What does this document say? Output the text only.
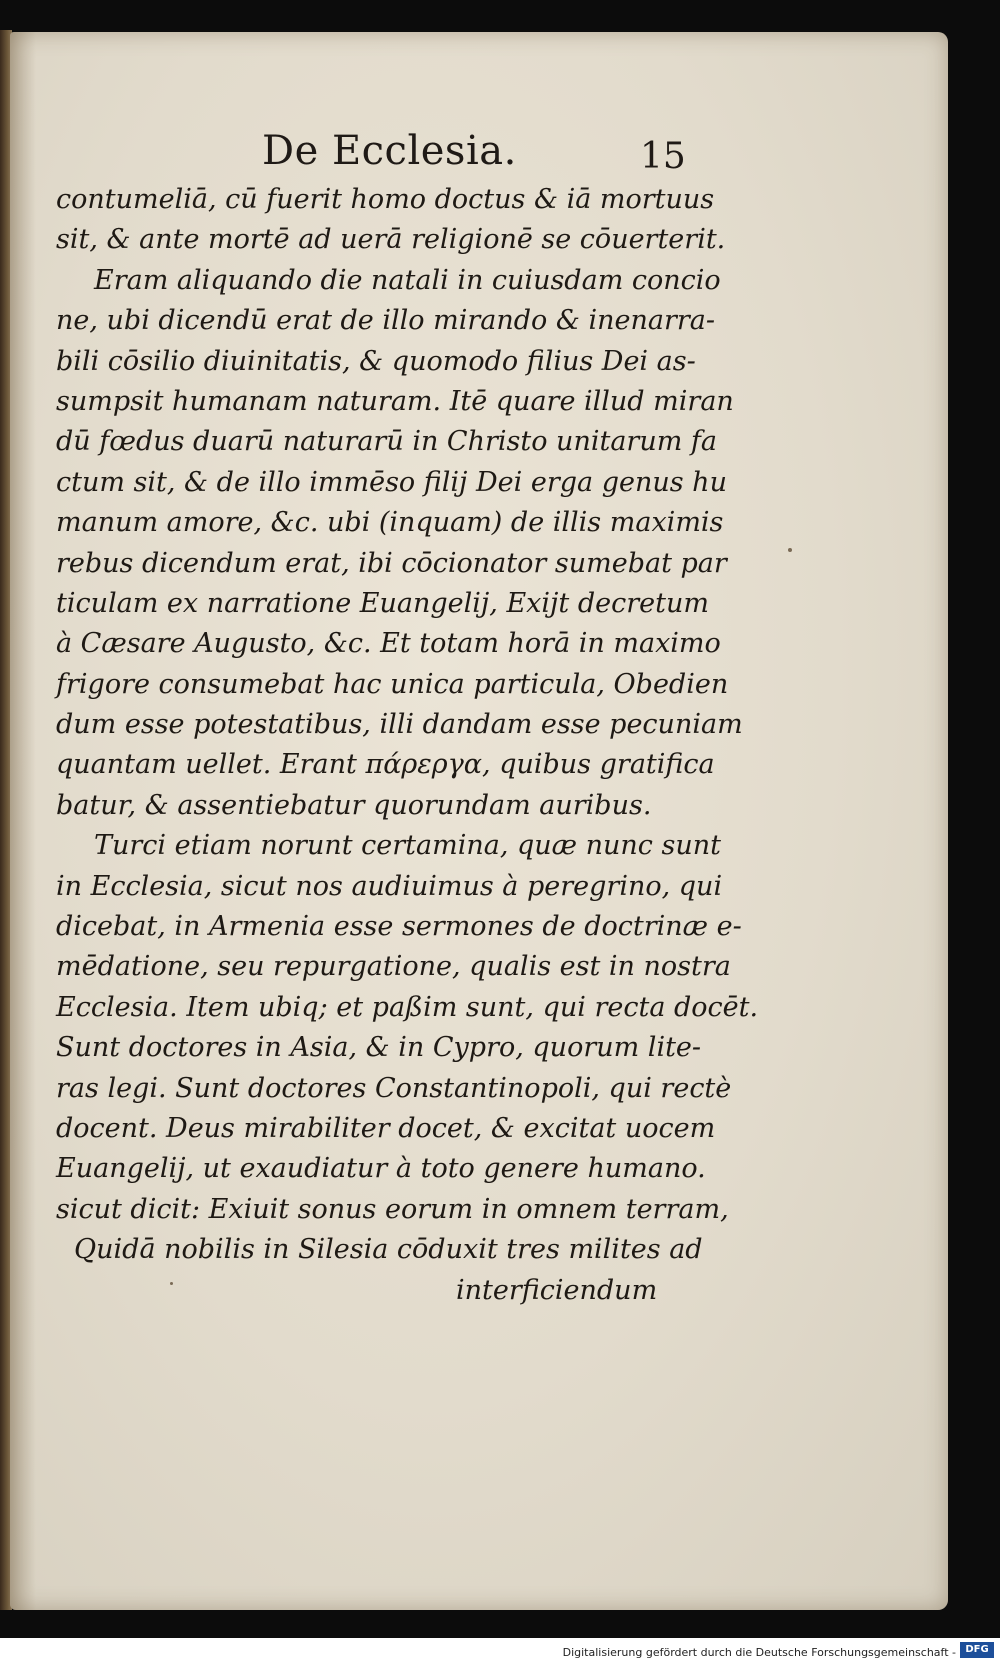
De Ecclesia.	15
contumeliā, cū fuerit homo doctus & iā mortuus
sit, & ante mortē ad uerā religionē se cōuerterit.
Eram aliquando die natali in cuiusdam concio
ne, ubi dicendū erat de illo mirando & inenarra-
bili cōsilio diuinitatis, & quomodo filius Dei as-
sumpsit humanam naturam. Itē quare illud miran
dū fœdus duarū naturarū in Christo unitarum fa
ctum sit, & de illo immēso filij Dei erga genus hu
manum amore, &c. ubi (inquam) de illis maximis
rebus dicendum erat, ibi cōcionator sumebat par
ticulam ex narratione Euangelij, Exijt decretum
à Cæsare Augusto, &c. Et totam horā in maximo
frigore consumebat hac unica particula, Obedien
dum esse potestatibus, illi dandam esse pecuniam
quantam uellet. Erant πάρεργα, quibus gratifica
batur, & assentiebatur quorundam auribus.
Turci etiam norunt certamina, quæ nunc sunt
in Ecclesia, sicut nos audiuimus à peregrino, qui
dicebat, in Armenia esse sermones de doctrinæ e-
mēdatione, seu repurgatione, qualis est in nostra
Ecclesia. Item ubiq; et paßim sunt, qui recta docēt.
Sunt doctores in Asia, & in Cypro, quorum lite-
ras legi. Sunt doctores Constantinopoli, qui rectè
docent. Deus mirabiliter docet, & excitat uocem
Euangelij, ut exaudiatur à toto genere humano.
sicut dicit: Exiuit sonus eorum in omnem terram,
Quidā nobilis in Silesia cōduxit tres milites ad
interficiendum
Digitalisierung gefördert durch die Deutsche Forschungsgemeinschaft - DFG
